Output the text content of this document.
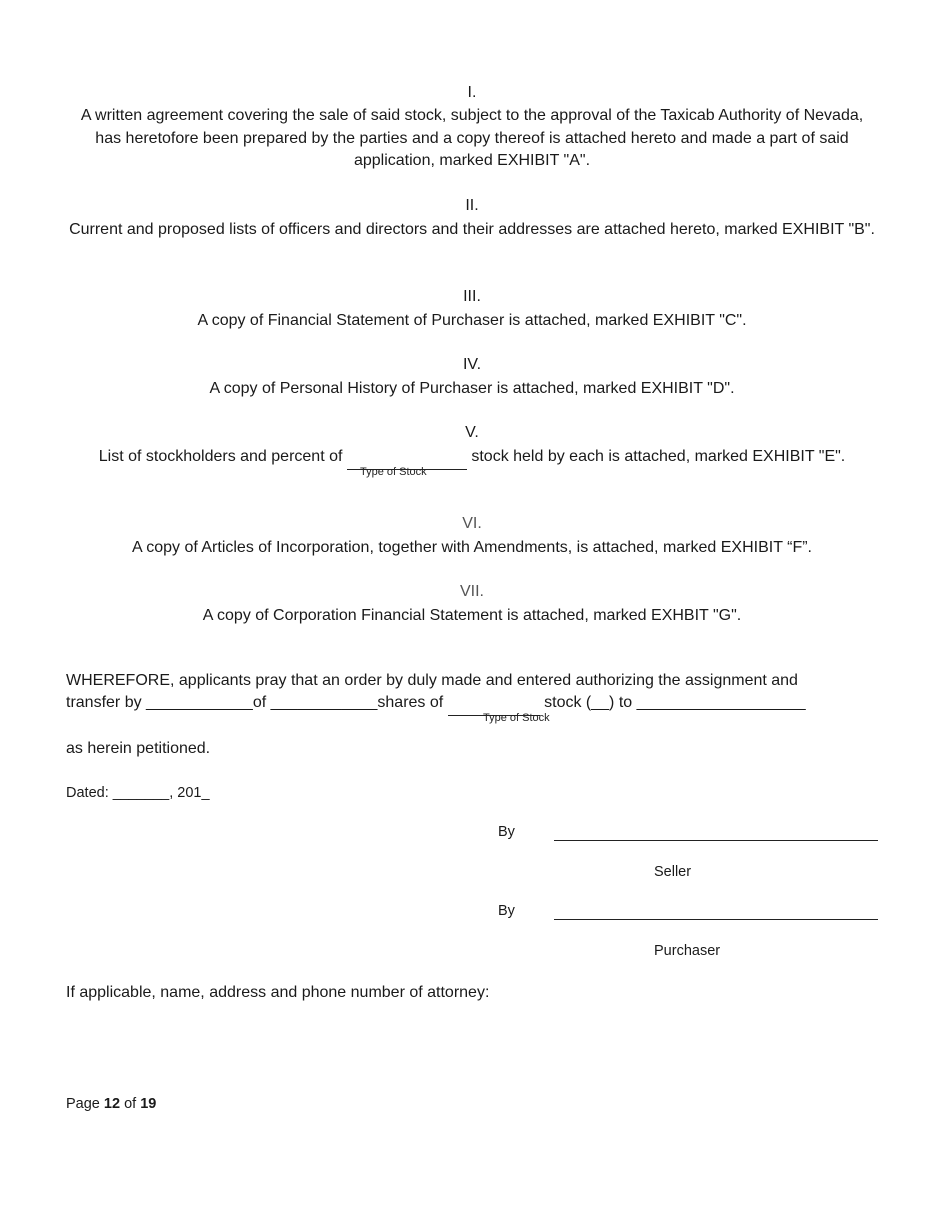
I.
A written agreement covering the sale of said stock, subject to the approval of the Taxicab Authority of Nevada, has heretofore been prepared by the parties and a copy thereof is attached hereto and made a part of said application, marked EXHIBIT "A".
II.
Current and proposed lists of officers and directors and their addresses are attached hereto, marked EXHIBIT "B".
III.
A copy of Financial Statement of Purchaser is attached, marked EXHIBIT "C".
IV.
A copy of Personal History of Purchaser is attached, marked EXHIBIT "D".
V.
List of stockholders and percent of	stock held by each is attached, marked EXHIBIT "E".
Type of Stock
VI.
A copy of Articles of Incorporation, together with Amendments, is attached, marked EXHIBIT “F”.
VII.
A copy of Corporation Financial Statement is attached, marked EXHBIT "G".
WHEREFORE, applicants pray that an order by duly made and entered authorizing the assignment and
transfer by ____________of ____________shares of	stock (__) to ___________________
Type of Stock
as herein petitioned.
Dated: _______, 201_
By
Seller
By
Purchaser
If applicable, name, address and phone number of attorney:
Page 12 of 19
